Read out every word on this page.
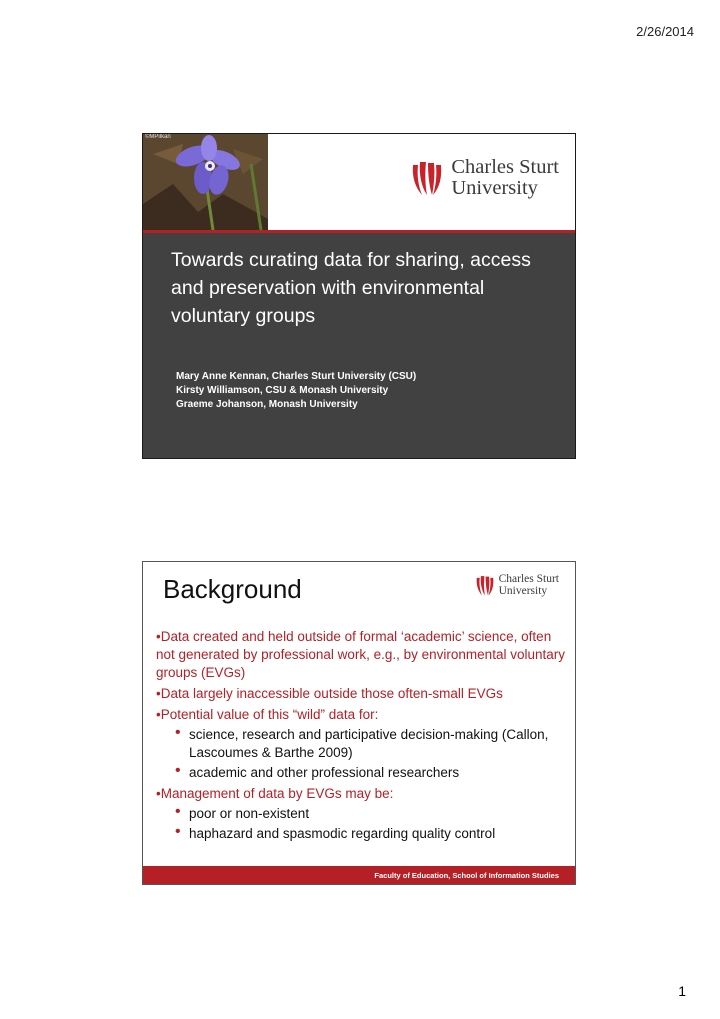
2/26/2014
©MPilkan
Charles Sturt
University
Towards curating data for sharing, access and preservation with environmental voluntary groups
Mary Anne Kennan, Charles Sturt University (CSU)
Kirsty Williamson, CSU & Monash University
Graeme Johanson, Monash University
Background	Charles Sturt
University
•Data created and held outside of formal ‘academic’ science, often not generated by professional work, e.g., by environmental voluntary groups (EVGs)
•Data largely inaccessible outside those often-small EVGs
•Potential value of this “wild” data for:
• science, research and participative decision-making (Callon, Lascoumes & Barthe 2009)
• academic and other professional researchers
•Management of data by EVGs may be:
• poor or non-existent
• haphazard and spasmodic regarding quality control
Faculty of Education, School of Information Studies
1
